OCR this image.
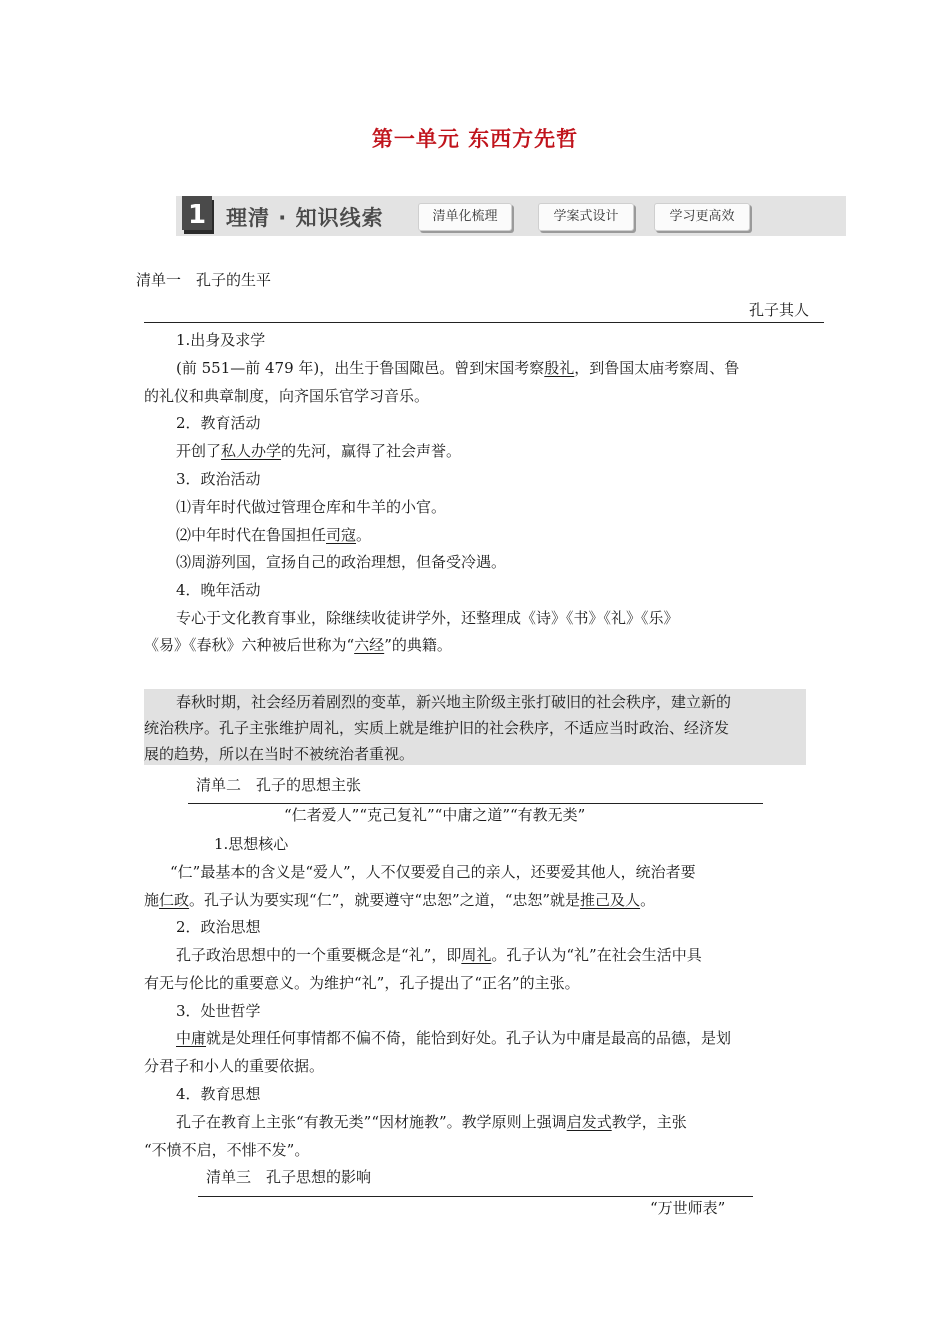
第一单元 东西方先哲
1 理清 · 知识线索	清单化梳理	学案式设计	学习更高效
清单一　孔子的生平
孔子其人
1.出身及求学
(前 551—前 479 年)，出生于鲁国陬邑。曾到宋国考察殷礼，到鲁国太庙考察周、鲁
的礼仪和典章制度，向齐国乐官学习音乐。
2．教育活动
开创了私人办学的先河，赢得了社会声誉。
3．政治活动
⑴青年时代做过管理仓库和牛羊的小官。
⑵中年时代在鲁国担任司寇。
⑶周游列国，宣扬自己的政治理想，但备受冷遇。
4．晚年活动
专心于文化教育事业，除继续收徒讲学外，还整理成《诗》《书》《礼》《乐》
《易》《春秋》六种被后世称为“六经”的典籍。
春秋时期，社会经历着剧烈的变革，新兴地主阶级主张打破旧的社会秩序，建立新的
统治秩序。孔子主张维护周礼，实质上就是维护旧的社会秩序，不适应当时政治、经济发
展的趋势，所以在当时不被统治者重视。
清单二　孔子的思想主张
“仁者爱人”“克己复礼”“中庸之道”“有教无类”
1.思想核心
“仁”最基本的含义是“爱人”，人不仅要爱自己的亲人，还要爱其他人，统治者要
施仁政。孔子认为要实现“仁”，就要遵守“忠恕”之道，“忠恕”就是推己及人。
2．政治思想
孔子政治思想中的一个重要概念是“礼”，即周礼。孔子认为“礼”在社会生活中具
有无与伦比的重要意义。为维护“礼”，孔子提出了“正名”的主张。
3．处世哲学
中庸就是处理任何事情都不偏不倚，能恰到好处。孔子认为中庸是最高的品德，是划
分君子和小人的重要依据。
4．教育思想
孔子在教育上主张“有教无类”“因材施教”。教学原则上强调启发式教学，主张
“不愤不启，不悱不发”。
清单三　孔子思想的影响
“万世师表”
